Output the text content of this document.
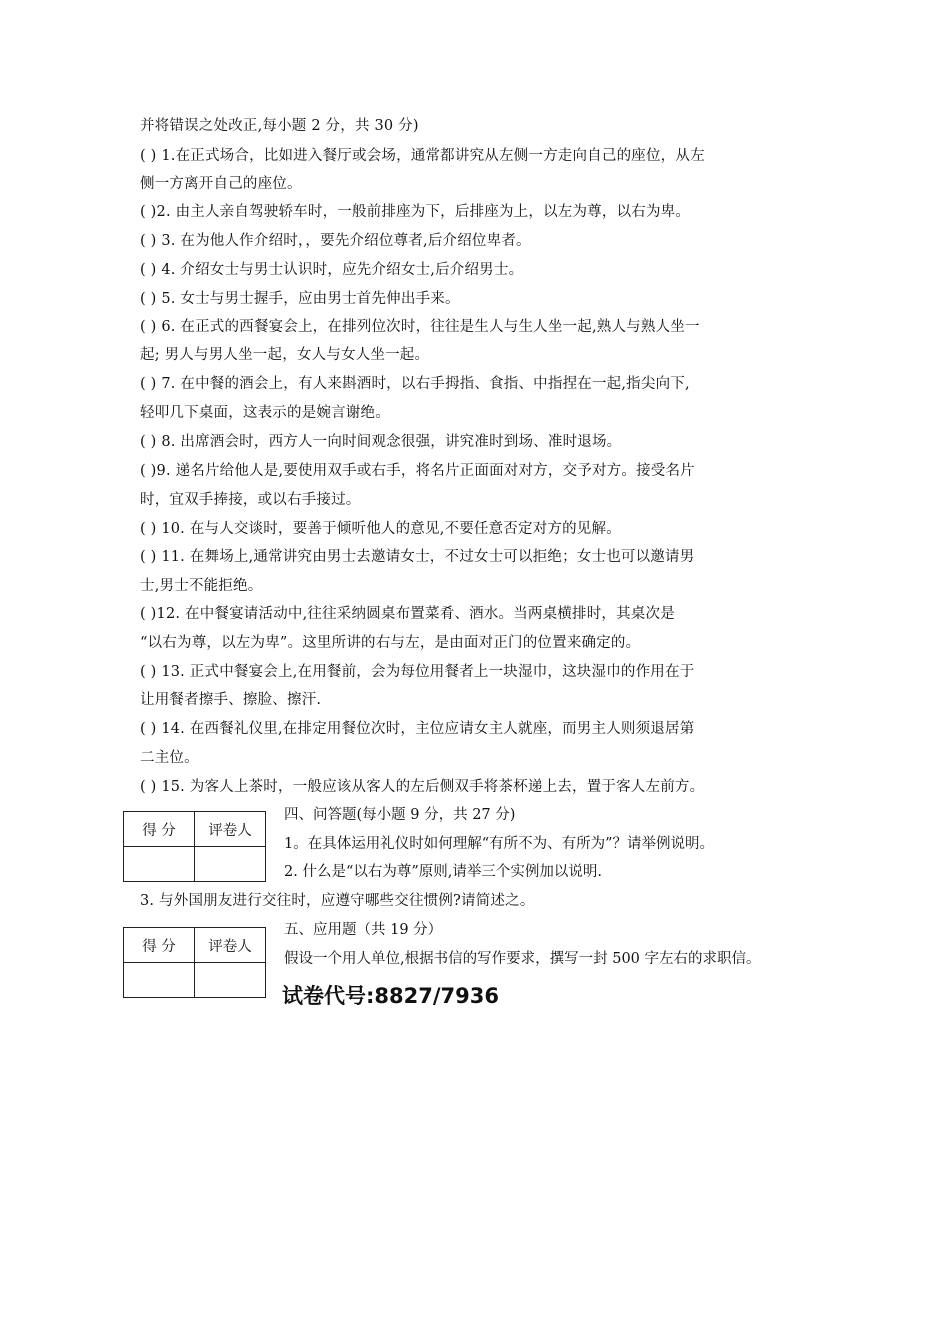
并将错误之处改正,每小题 2 分，共 30 分)
( ) 1.在正式场合，比如进入餐厅或会场，通常都讲究从左侧一方走向自己的座位，从左
侧一方离开自己的座位。
( )2. 由主人亲自驾驶轿车时，一般前排座为下，后排座为上，以左为尊，以右为卑。
( ) 3. 在为他人作介绍时，，要先介绍位尊者,后介绍位卑者。
( ) 4. 介绍女士与男士认识时，应先介绍女士,后介绍男士。
( ) 5. 女士与男士握手，应由男士首先伸出手来。
( ) 6. 在正式的西餐宴会上，在排列位次时，往往是生人与生人坐一起,熟人与熟人坐一
起; 男人与男人坐一起，女人与女人坐一起。
( ) 7. 在中餐的酒会上，有人来斟酒时，以右手拇指、食指、中指捏在一起,指尖向下,
轻叩几下桌面，这表示的是婉言谢绝。
( ) 8. 出席酒会时，西方人一向时间观念很强，讲究准时到场、准时退场。
( )9. 递名片给他人是,要使用双手或右手，将名片正面面对对方，交予对方。接受名片
时，宜双手捧接，或以右手接过。
( ) 10. 在与人交谈时，要善于倾听他人的意见,不要任意否定对方的见解。
( ) 11. 在舞场上,通常讲究由男士去邀请女士，不过女士可以拒绝；女士也可以邀请男
士,男士不能拒绝。
( )12. 在中餐宴请活动中,往往采纳圆桌布置菜肴、酒水。当两桌横排时，其桌次是
“以右为尊，以左为卑”。这里所讲的右与左，是由面对正门的位置来确定的。
( ) 13. 正式中餐宴会上,在用餐前，会为每位用餐者上一块湿巾，这块湿巾的作用在于
让用餐者擦手、擦脸、擦汗.
( ) 14. 在西餐礼仪里,在排定用餐位次时，主位应请女主人就座，而男主人则须退居第
二主位。
( ) 15. 为客人上茶时，一般应该从客人的左后侧双手将茶杯递上去，置于客人左前方。
得 分	评卷人

四、问答题(每小题 9 分，共 27 分)
1。在具体运用礼仪时如何理解“有所不为、有所为”？请举例说明。
2. 什么是“以右为尊”原则,请举三个实例加以说明.
3. 与外国朋友进行交往时，应遵守哪些交往惯例?请简述之。
得 分	评卷人

五、应用题（共 19 分）
假设一个用人单位,根据书信的写作要求，撰写一封 500 字左右的求职信。
试卷代号:8827/7936
